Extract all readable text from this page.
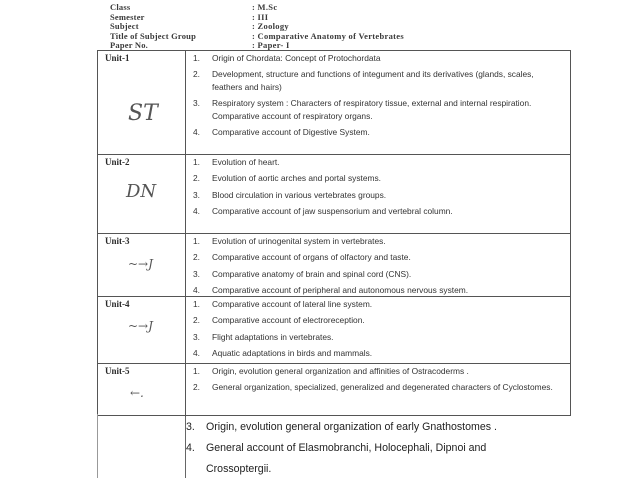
Class	: M.Sc
Semester	: III
Subject	: Zoology
Title of Subject Group	: Comparative Anatomy of Vertebrates
Paper No.	: Paper- I
Unit-1
ST
1. Origin of Chordata: Concept of Protochordata
2. Development, structure and functions of integument and its derivatives (glands, scales, feathers and hairs)
3. Respiratory system : Characters of respiratory tissue, external and internal respiration. Comparative account of respiratory organs.
4. Comparative account of Digestive System.
Unit-2
DN
1. Evolution of heart.
2. Evolution of aortic arches and portal systems.
3. Blood circulation in various vertebrates groups.
4. Comparative account of jaw suspensorium and vertebral column.
Unit-3
~→J
1. Evolution of urinogenital system in vertebrates.
2. Comparative account of organs of olfactory and taste.
3. Comparative anatomy of brain and spinal cord (CNS).
4. Comparative account of peripheral and autonomous nervous system.
Unit-4
~→J
1. Comparative account of lateral line system.
2. Comparative account of electroreception.
3. Flight adaptations in vertebrates.
4. Aquatic adaptations in birds and mammals.
Unit-5
←.
1. Origin, evolution general organization and affinities of Ostracoderms .
2. General organization, specialized, generalized and degenerated characters of Cyclostomes.
3. Origin, evolution general organization of early Gnathostomes .
4. General account of Elasmobranchi, Holocephali, Dipnoi and
Crossoptergii.
